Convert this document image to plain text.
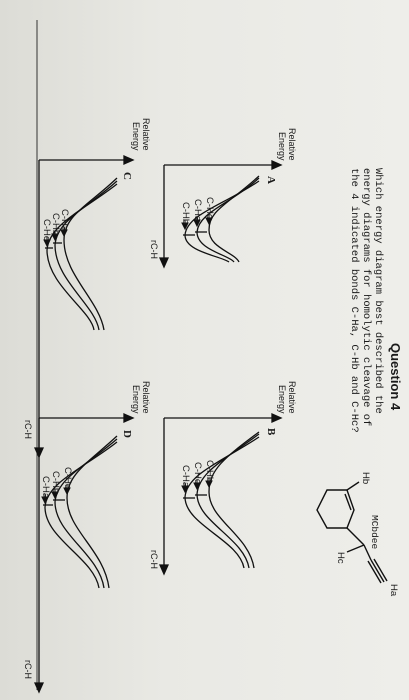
Question 4
Which energy diagram best described the
energy diagrams for homolytic cleavage of
the 4 indicated bonds C-Ha, C-Hb and C-Hc?
MCbdee
Ha
Hb
Hc
Relative
Energy
A
C-Hc
C-Ha
C-Hb
rC-H
Relative
Energy
B
C-Hb
C-Hc
C-Ha
rC-H
Relative
Energy
C
C-Ha
C-Hb
C-Hc
rC-H
Relative
Energy
D
C-Hc
C-Hb
C-Ha
rC-H
